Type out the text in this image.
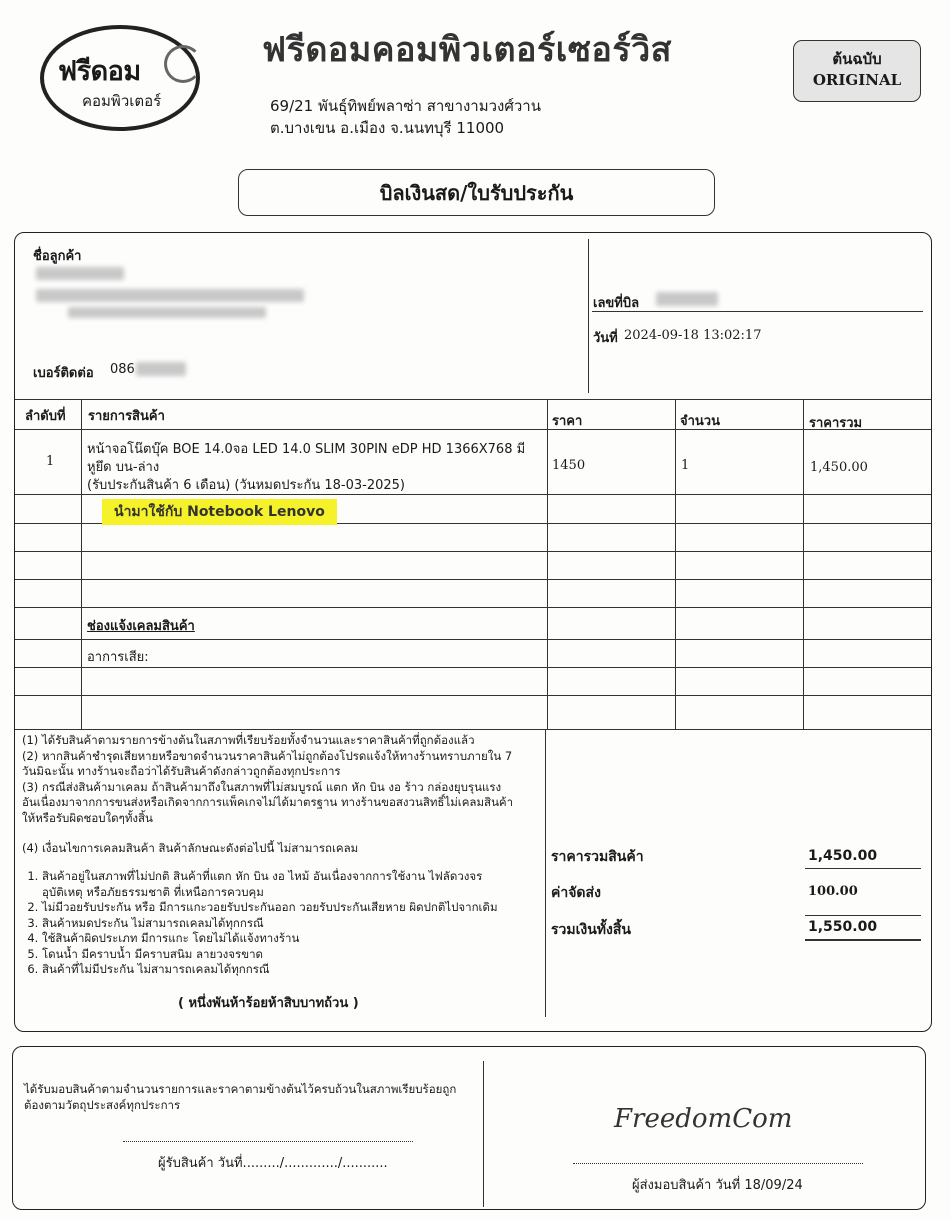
ฟรีดอม
คอมพิวเตอร์
ฟรีดอมคอมพิวเตอร์เซอร์วิส
69/21 พันธุ์ทิพย์พลาซ่า สาขางามวงศ์วาน
ต.บางเขน อ.เมือง จ.นนทบุรี 11000
ต้นฉบับ
ORIGINAL
บิลเงินสด/ใบรับประกัน
ชื่อลูกค้า
เบอร์ติดต่อ 086
เลขที่บิล
วันที่ 2024-09-18 13:02:17
ลำดับที่ รายการสินค้า	ราคา	จำนวน	ราคารวม
1
หน้าจอโน๊ตบุ๊ค BOE 14.0จอ LED 14.0 SLIM 30PIN eDP HD 1366X768 มี
หูยึด บน-ล่าง
(รับประกันสินค้า 6 เดือน) (วันหมดประกัน 18-03-2025)
1450	1	1,450.00
นำมาใช้กับ Notebook Lenovo
ช่องแจ้งเคลมสินค้า
อาการเสีย:
(1) ได้รับสินค้าตามรายการข้างต้นในสภาพที่เรียบร้อยทั้งจำนวนและราคาสินค้าที่ถูกต้องแล้ว
(2) หากสินค้าชำรุดเสียหายหรือขาดจำนวนราคาสินค้าไม่ถูกต้องโปรดแจ้งให้ทางร้านทราบภายใน 7
วันมิฉะนั้น ทางร้านจะถือว่าได้รับสินค้าดังกล่าวถูกต้องทุกประการ
(3) กรณีส่งสินค้ามาเคลม ถ้าสินค้ามาถึงในสภาพที่ไม่สมบูรณ์ แตก หัก บิน งอ ร้าว กล่องยุบรุนแรง
อันเนื่องมาจากการขนส่งหรือเกิดจากการแพ็คเกจไม่ได้มาตรฐาน ทางร้านขอสงวนสิทธิ์ไม่เคลมสินค้า
ให้หรือรับผิดชอบใดๆทั้งสิ้น
(4) เงื่อนไขการเคลมสินค้า สินค้าลักษณะดังต่อไปนี้ ไม่สามารถเคลม
1. สินค้าอยู่ในสภาพที่ไม่ปกติ สินค้าที่แตก หัก บิน งอ ไหม้ อันเนื่องจากการใช้งาน ไฟลัดวงจร
อุบัติเหตุ หรือภัยธรรมชาติ ที่เหนือการควบคุม
2. ไม่มีวอยรับประกัน หรือ มีการแกะวอยรับประกันออก วอยรับประกันเสียหาย ผิดปกติไปจากเดิม
3. สินค้าหมดประกัน ไม่สามารถเคลมได้ทุกกรณี
4. ใช้สินค้าผิดประเภท มีการแกะ โดยไม่ได้แจ้งทางร้าน
5. โดนน้ำ มีคราบน้ำ มีคราบสนิม ลายวงจรขาด
6. สินค้าที่ไม่มีประกัน ไม่สามารถเคลมได้ทุกกรณี
( หนึ่งพันห้าร้อยห้าสิบบาทถ้วน )
ราคารวมสินค้า	1,450.00
ค่าจัดส่ง	100.00
รวมเงินทั้งสิ้น	1,550.00
ได้รับมอบสินค้าตามจำนวนรายการและราคาตามข้างต้นไว้ครบถ้วนในสภาพเรียบร้อยถูก
ต้องตามวัตถุประสงค์ทุกประการ
ผู้รับสินค้า วันที่........./............./...........
FreedomCom
ผู้ส่งมอบสินค้า วันที่ 18/09/24
